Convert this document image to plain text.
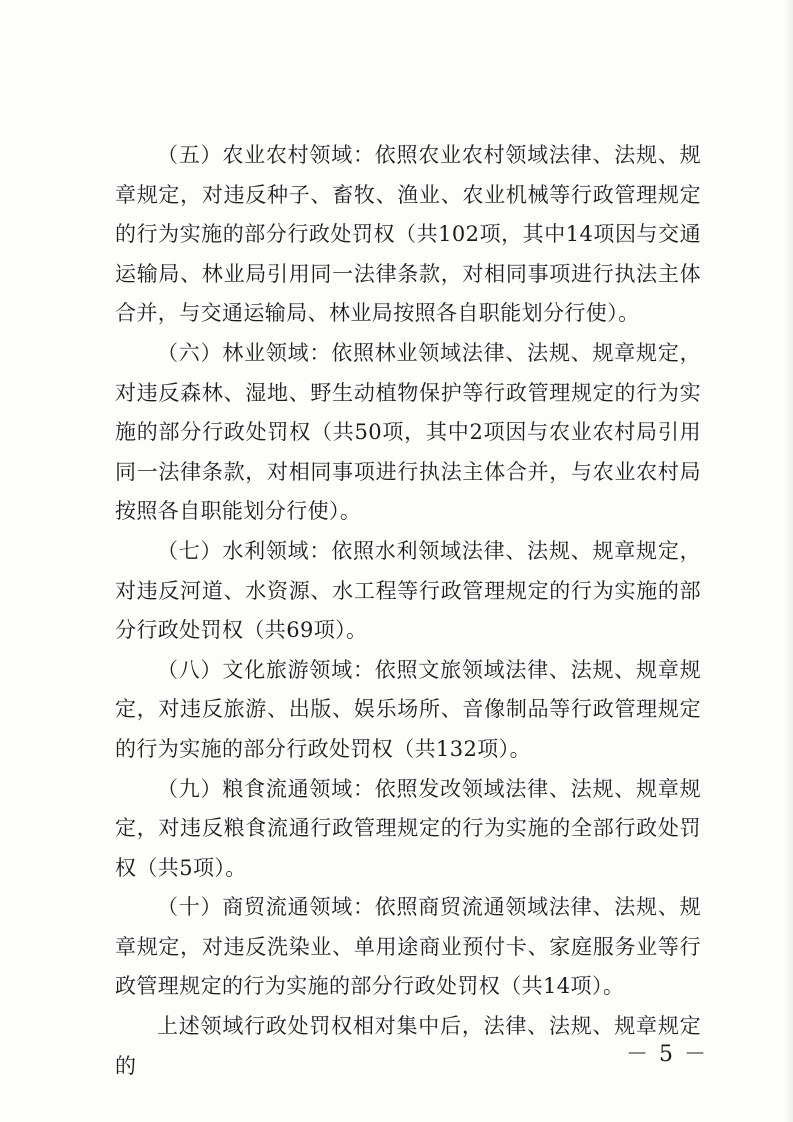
（五）农业农村领域：依照农业农村领域法律、法规、规章规定，对违反种子、畜牧、渔业、农业机械等行政管理规定的行为实施的部分行政处罚权（共102项，其中14项因与交通运输局、林业局引用同一法律条款，对相同事项进行执法主体合并，与交通运输局、林业局按照各自职能划分行使）。

（六）林业领域：依照林业领域法律、法规、规章规定，对违反森林、湿地、野生动植物保护等行政管理规定的行为实施的部分行政处罚权（共50项，其中2项因与农业农村局引用同一法律条款，对相同事项进行执法主体合并，与农业农村局按照各自职能划分行使）。

（七）水利领域：依照水利领域法律、法规、规章规定，对违反河道、水资源、水工程等行政管理规定的行为实施的部分行政处罚权（共69项）。

（八）文化旅游领域：依照文旅领域法律、法规、规章规定，对违反旅游、出版、娱乐场所、音像制品等行政管理规定的行为实施的部分行政处罚权（共132项）。

（九）粮食流通领域：依照发改领域法律、法规、规章规定，对违反粮食流通行政管理规定的行为实施的全部行政处罚权（共5项）。

（十）商贸流通领域：依照商贸流通领域法律、法规、规章规定，对违反洗染业、单用途商业预付卡、家庭服务业等行政管理规定的行为实施的部分行政处罚权（共14项）。

上述领域行政处罚权相对集中后，法律、法规、规章规定的	－ 5 －
